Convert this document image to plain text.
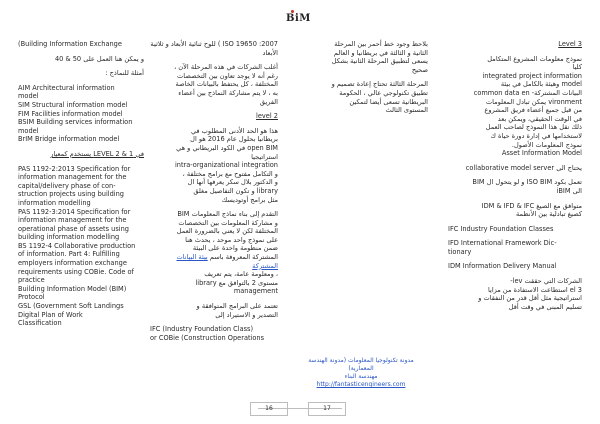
BiM

(Building Information Exchange

و يمكن هنا العمل على 50 & 40

أمثلة للنماذج :

AIM Architectural information

model

SIM Structural information model

FIM Facilities information model

BSIM Building services information

model

BrIM Bridge information model

في LEVEL 2 & 1 يستخدم كمعيار

PAS 1192-2:2013 Specification for

information management for the

capital/delivery phase of con-

struction projects using building

information modelling

PAS 1192-3:2014 Specification for

information management for the

operational phase of assets using

building information modelling

BS 1192-4 Collaborative production

of information. Part 4: Fulfilling

employers information exchange

requirements using COBie. Code of

practice

Building Information Model (BIM)

Protocol

GSL (Government Soft Landings

Digital Plan of Work

Classification

ISO 19650 :2007 ) للوح ثنائية الأبعاد و ثلاثية

الأبعاد

أغلب الشركات في هذه المرحلة الآن ،

رغم أنه لا يوجد تعاون بين التخصصات

المختلفة ، كل يحتفظ بالبيانات الخاصة

به ، لا يتم مشاركة النماذج بين أعضاء

الفريق

level 2

هذا هو الحد الأدنى المطلوب في

بريطانيا بحلول عام 2016 هو ال

open BIM في الكود البريطاني و هي

استراتيجيا

intra-organizational integration

و التكامل مفتوح مع برامج مختلفة ،

و الدكتور بلال سكر يعرفها أنها ال

library و تكون التفاصيل مغلق

مثل برامج أوتوديسك

التقدم إلى بناء نماذج المعلومات BIM

و مشاركة المعلومات بين التخصصات

المختلفة لكن لا يعني بالضرورة العمل

على نموذج واحد موحد ، يحدث هنا

ضمن منظومة واحدة على البيئة

المشتركة المعروفة باسم بيئة البيانات المشتركة

، ومعلومة عامة، يتم تعريف

مستوى 2 بالتوافق مع library

management

تعتمد على البرامج المتوافقة و

التصدير و الاستيراد إلى

IFC (Industry Foundation Class)

or COBie (Construction Operations

بلاحظ وجود خط أحمر بين المرحلة

الثانية و الثالثة في بريطانيا و العالم

يسعى لتطبيق المرحلة الثانية بشكل

صحيح

المرحلة الثالثة تحتاج إعادة تصميم و

تطبيق تكنولوجي عالي ، الحكومة

البريطانية تسعى أيضا لتمكين

المستوى الثالث

مدونة تكنولوجيا المعلومات (مدونة الهندسة المعمارية)
مهندسة البناء
http://fantasticengineers.com

Level 3

نموذج معلومات المشروع المتكامل

كليا

integrated project information

model وهيئة بالكامل في بيئة

البيانات المشتركة- common data en

vironment يمكن تبادل المعلومات

من قبل جميع أعضاء فريق المشروع

في الوقت الحقيقي، ويمكن بعد

ذلك نقل هذا النموذج لصاحب العمل

لاستخدامها في إدارة دورة حياة ك

نموذج المعلومات الأصول.

Asset Information Model

يحتاج الى collaborative model server

تعمل بكود ISO BIM و لو يتحول ال BIM

الى iBIM

متوافق مع الصيغ IDM & IFD & IFC

كصيغ تبادلية بين الأنظمة

IFC Industry Foundation Classes

IFD International Framework Dic-

tionary

IDM Information Delivery Manual

الشركات التي حققت lev-

3 el استطاعت الاستفادة من مزايا

استراتيجية مثل أقل قدر من النفقات و

تسليم المبنى في وقت أقل

16	17
